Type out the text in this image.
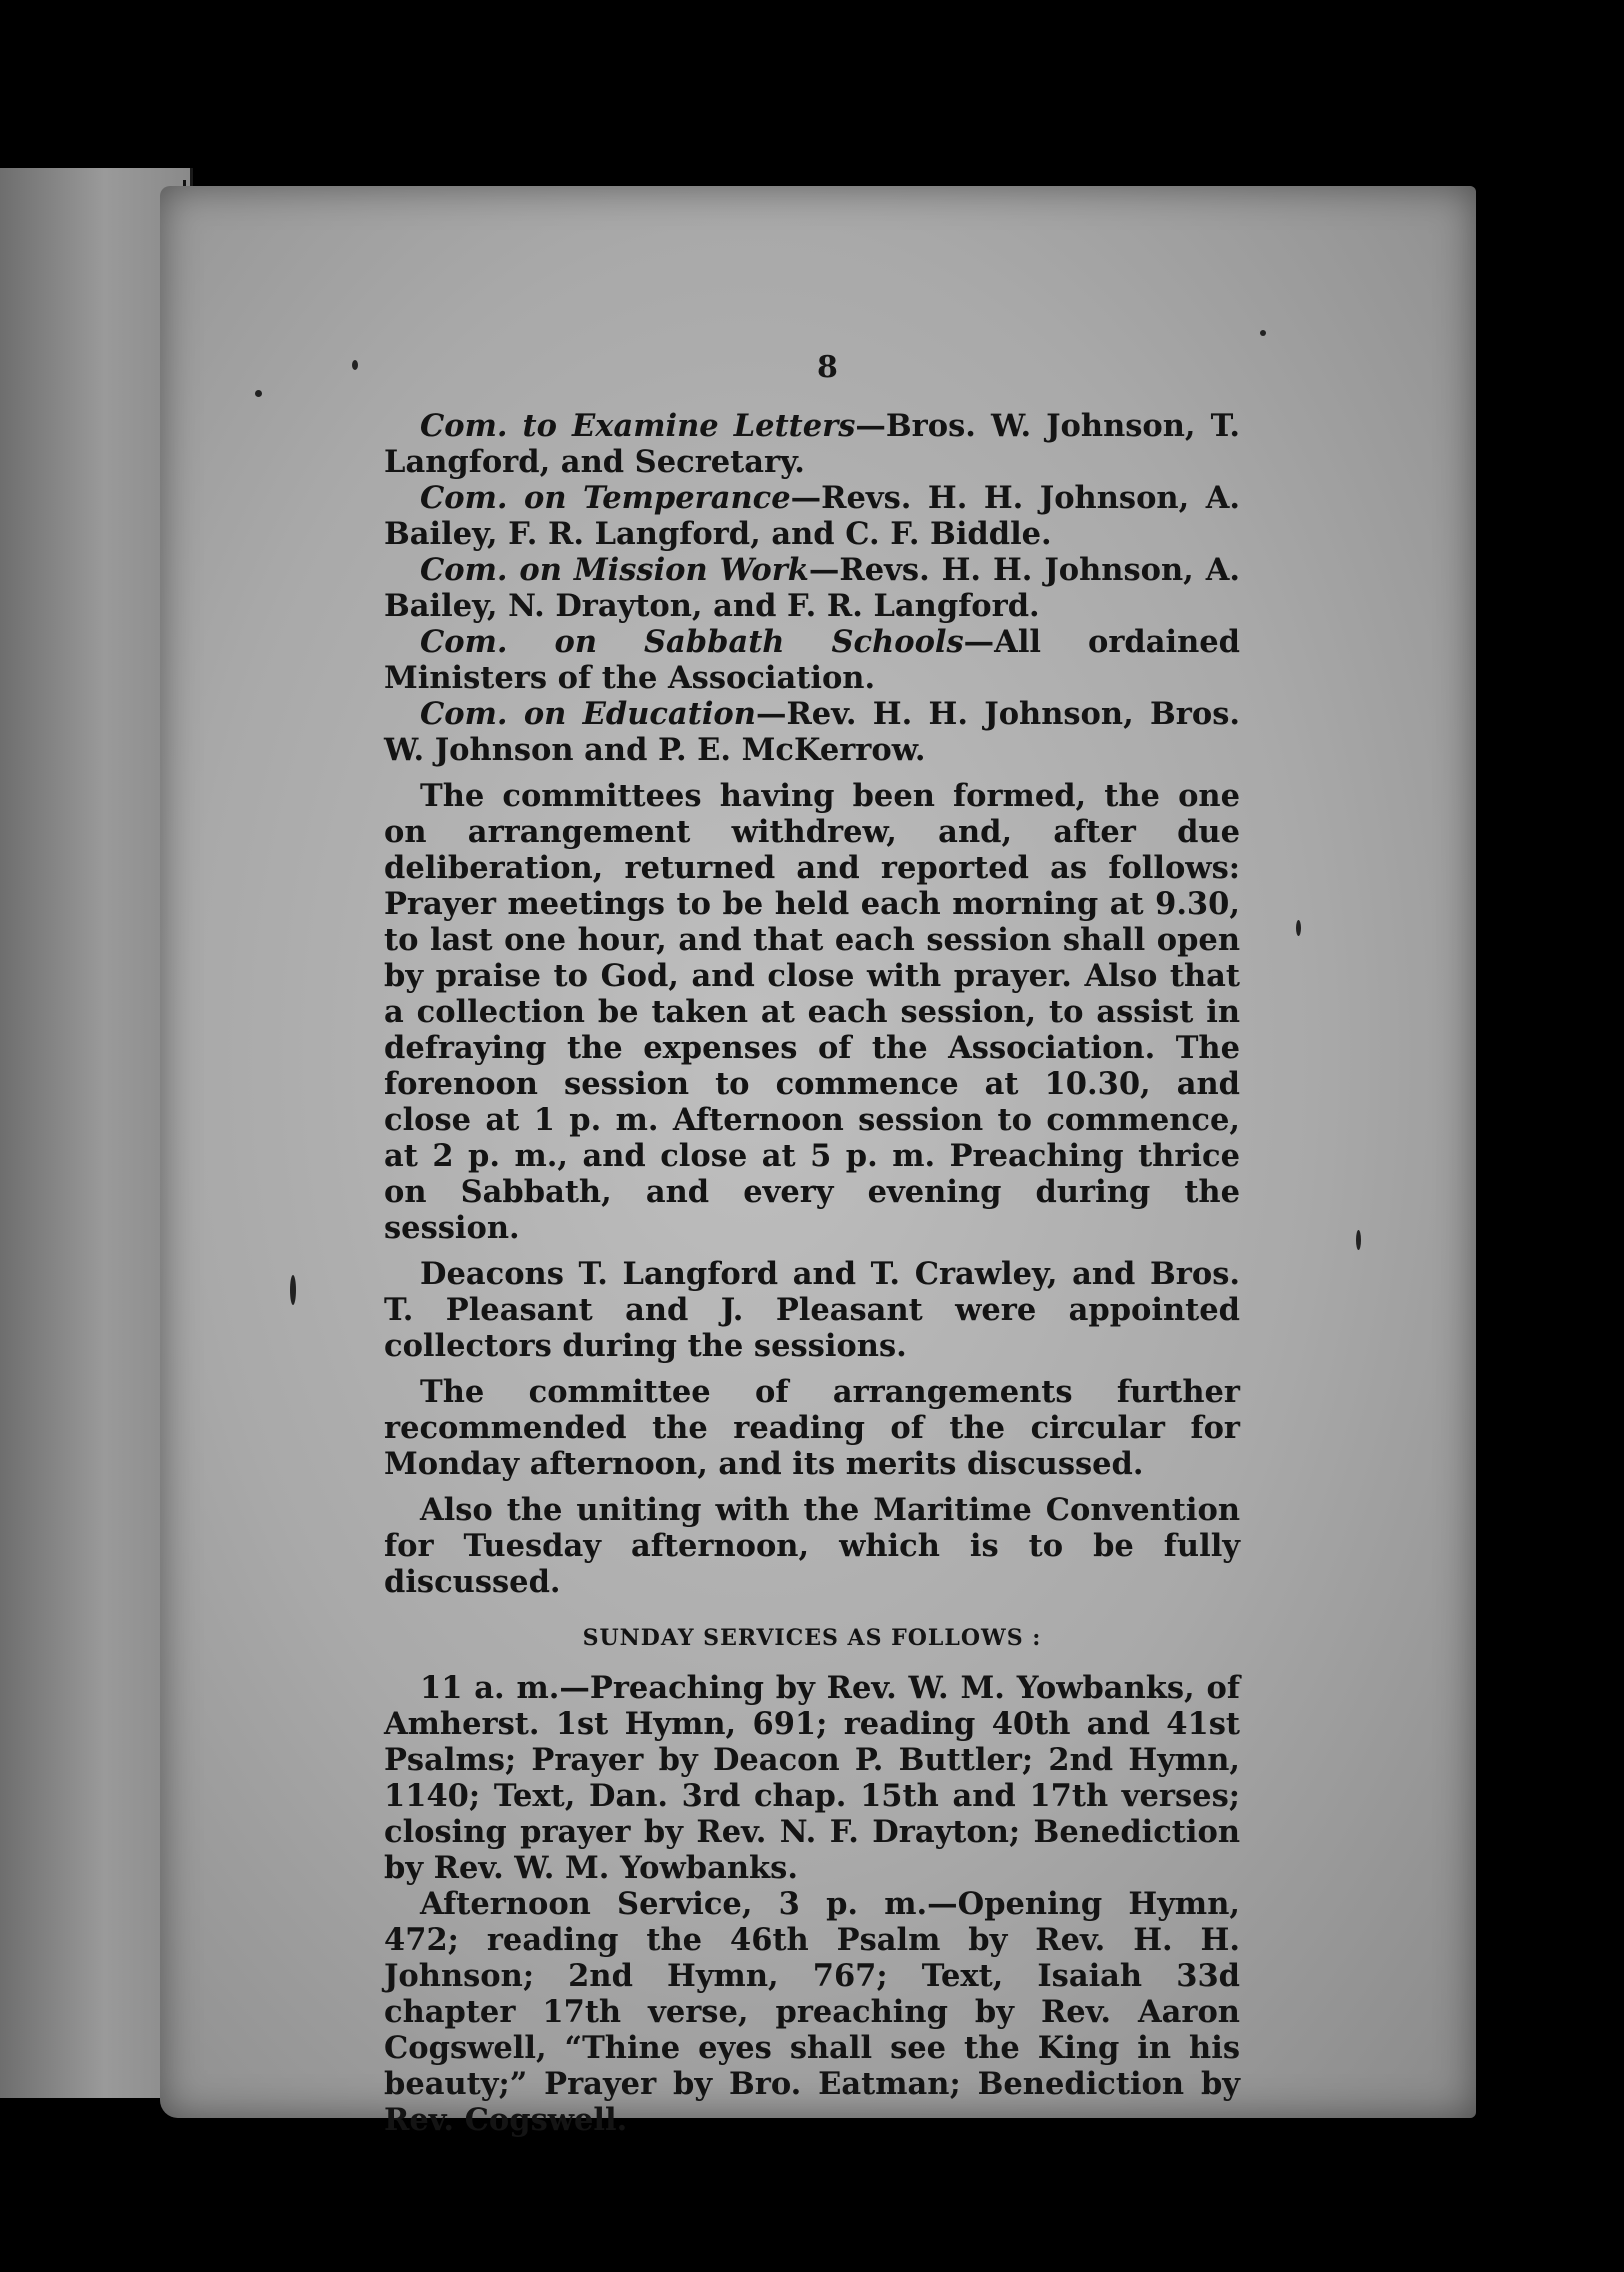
8

Com. to Examine Letters—Bros. W. Johnson, T. Langford, and Secretary.

Com. on Temperance—Revs. H. H. Johnson, A. Bailey, F. R. Langford, and C. F. Biddle.

Com. on Mission Work—Revs. H. H. Johnson, A. Bailey, N. Drayton, and F. R. Langford.

Com. on Sabbath Schools—All ordained Ministers of the Association.

Com. on Education—Rev. H. H. Johnson, Bros. W. Johnson and P. E. McKerrow.

The committees having been formed, the one on arrangement withdrew, and, after due deliberation, returned and reported as follows: Prayer meetings to be held each morning at 9.30, to last one hour, and that each session shall open by praise to God, and close with prayer. Also that a collection be taken at each session, to assist in defraying the expenses of the Association. The forenoon session to commence at 10.30, and close at 1 p. m. Afternoon session to commence, at 2 p. m., and close at 5 p. m. Preaching thrice on Sabbath, and every evening during the session.

Deacons T. Langford and T. Crawley, and Bros. T. Pleasant and J. Pleasant were appointed collectors during the sessions.

The committee of arrangements further recommended the reading of the circular for Monday afternoon, and its merits discussed.

Also the uniting with the Maritime Convention for Tuesday afternoon, which is to be fully discussed.

SUNDAY SERVICES AS FOLLOWS :

11 a. m.—Preaching by Rev. W. M. Yowbanks, of Amherst. 1st Hymn, 691; reading 40th and 41st Psalms; Prayer by Deacon P. Buttler; 2nd Hymn, 1140; Text, Dan. 3rd chap. 15th and 17th verses; closing prayer by Rev. N. F. Drayton; Benediction by Rev. W. M. Yowbanks.

Afternoon Service, 3 p. m.—Opening Hymn, 472; reading the 46th Psalm by Rev. H. H. Johnson; 2nd Hymn, 767; Text, Isaiah 33d chapter 17th verse, preaching by Rev. Aaron Cogswell, “Thine eyes shall see the King in his beauty;” Prayer by Bro. Eatman; Benediction by Rev. Cogswell.
